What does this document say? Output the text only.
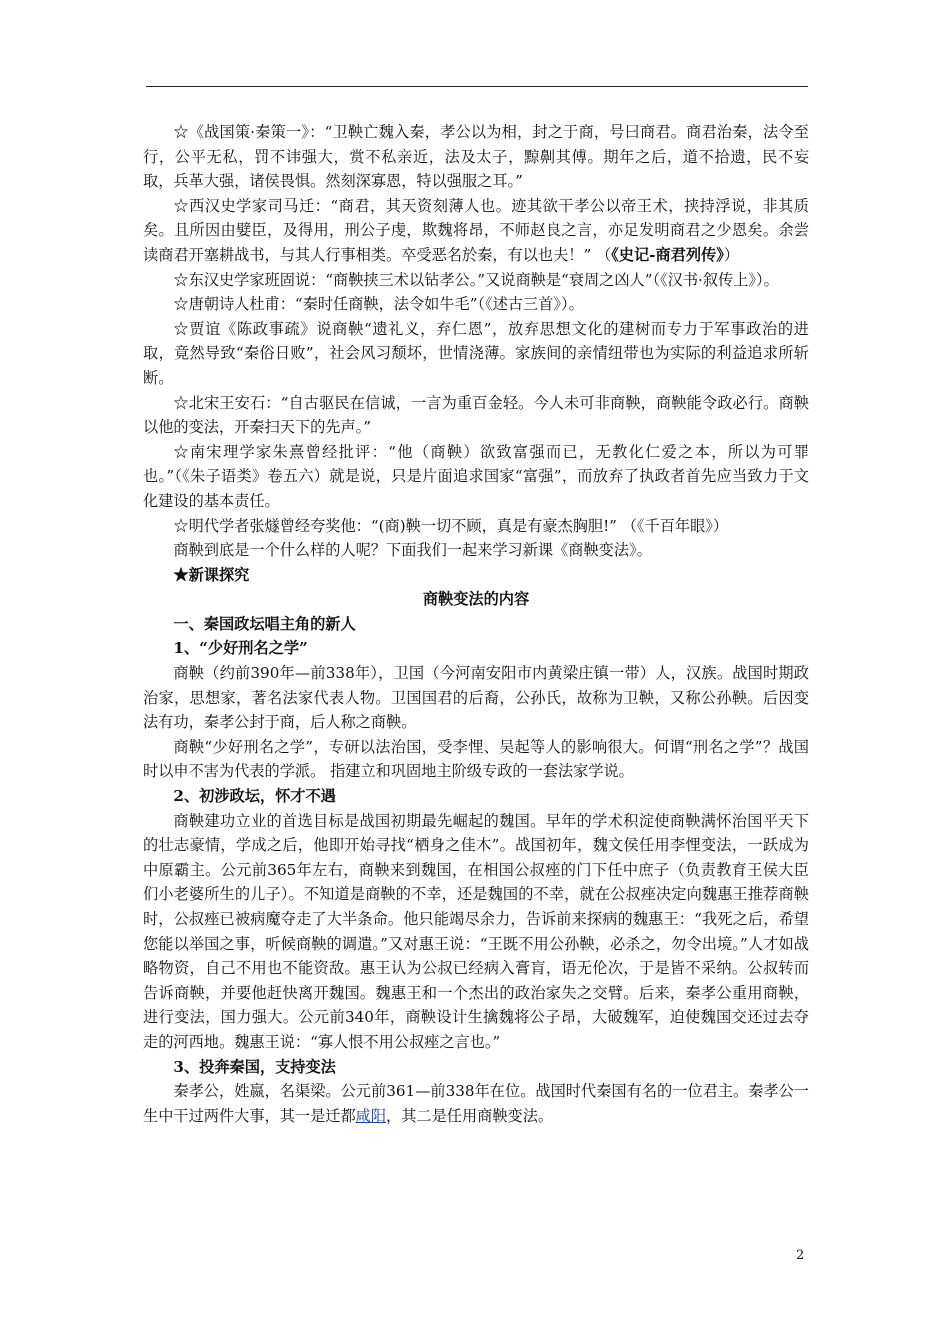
☆《战国策·秦策一》：“卫鞅亡魏入秦，孝公以为相，封之于商，号曰商君。商君治秦，法令至行，公平无私，罚不讳强大，赏不私亲近，法及太子，黥劓其傅。期年之后，道不拾遗，民不妄取，兵革大强，诸侯畏惧。然刻深寡恩，特以强服之耳。”

☆西汉史学家司马迁：“商君，其天资刻薄人也。迹其欲干孝公以帝王术，挟持浮说，非其质矣。且所因由嬖臣，及得用，刑公子虔，欺魏将昂，不师赵良之言，亦足发明商君之少恩矣。余尝读商君开塞耕战书，与其人行事相类。卒受恶名於秦，有以也夫！” （《史记-商君列传》）

☆东汉史学家班固说：“商鞅挟三术以钻孝公。”又说商鞅是“衰周之凶人”（《汉书·叙传上》）。

☆唐朝诗人杜甫：“秦时任商鞅，法令如牛毛”（《述古三首》）。

☆贾谊《陈政事疏》说商鞅“遗礼义，弃仁恩”，放弃思想文化的建树而专力于军事政治的进取，竟然导致“秦俗日败”，社会风习颓坏，世情浇薄。家族间的亲情纽带也为实际的利益追求所斩断。

☆北宋王安石：“自古驱民在信诚，一言为重百金轻。今人未可非商鞅，商鞅能令政必行。商鞅以他的变法，开秦扫天下的先声。”

☆南宋理学家朱熹曾经批评：“他（商鞅）欲致富强而已，无教化仁爱之本，所以为可罪也。”（《朱子语类》卷五六）就是说，只是片面追求国家“富强”，而放弃了执政者首先应当致力于文化建设的基本责任。

☆明代学者张燧曾经夸奖他：“(商)鞅一切不顾，真是有豪杰胸胆!” （《千百年眼》）

商鞅到底是一个什么样的人呢？下面我们一起来学习新课《商鞅变法》。

★新课探究
商鞅变法的内容
一、秦国政坛唱主角的新人
1、“少好刑名之学”

商鞅（约前390年—前338年），卫国（今河南安阳市内黄梁庄镇一带）人，汉族。战国时期政治家，思想家，著名法家代表人物。卫国国君的后裔，公孙氏，故称为卫鞅，又称公孙鞅。后因变法有功，秦孝公封于商，后人称之商鞅。

商鞅“少好刑名之学”，专研以法治国，受李悝、吴起等人的影响很大。何谓“刑名之学”？战国时以申不害为代表的学派。 指建立和巩固地主阶级专政的一套法家学说。

2、初涉政坛，怀才不遇

商鞅建功立业的首选目标是战国初期最先崛起的魏国。早年的学术积淀使商鞅满怀治国平天下的壮志豪情，学成之后，他即开始寻找“栖身之佳木”。战国初年，魏文侯任用李悝变法，一跃成为中原霸主。公元前365年左右，商鞅来到魏国，在相国公叔痤的门下任中庶子（负责教育王侯大臣们小老婆所生的儿子）。不知道是商鞅的不幸，还是魏国的不幸，就在公叔痤决定向魏惠王推荐商鞅时，公叔痤已被病魔夺走了大半条命。他只能竭尽余力，告诉前来探病的魏惠王：“我死之后，希望您能以举国之事，听候商鞅的调遣。”又对惠王说：“王既不用公孙鞅，必杀之，勿令出境。”人才如战略物资，自己不用也不能资敌。惠王认为公叔已经病入膏肓，语无伦次，于是皆不采纳。公叔转而告诉商鞅，并要他赶快离开魏国。魏惠王和一个杰出的政治家失之交臂。后来，秦孝公重用商鞅，进行变法，国力强大。公元前340年，商鞅设计生擒魏将公子昂，大破魏军，迫使魏国交还过去夺走的河西地。魏惠王说：“寡人恨不用公叔痤之言也。”

3、投奔秦国，支持变法

秦孝公，姓嬴，名渠梁。公元前361—前338年在位。战国时代秦国有名的一位君主。秦孝公一生中干过两件大事，其一是迁都咸阳，其二是任用商鞅变法。

2
